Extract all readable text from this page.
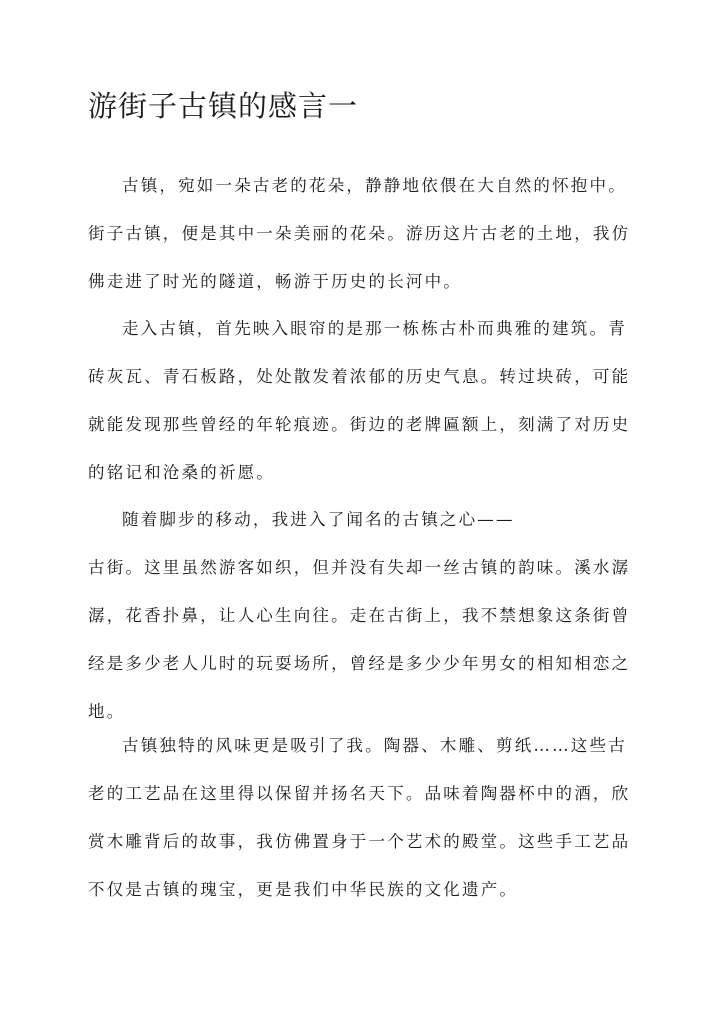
游街子古镇的感言一
古镇，宛如一朵古老的花朵，静静地依偎在大自然的怀抱中。
街子古镇，便是其中一朵美丽的花朵。游历这片古老的土地，我仿
佛走进了时光的隧道，畅游于历史的长河中。
走入古镇，首先映入眼帘的是那一栋栋古朴而典雅的建筑。青
砖灰瓦、青石板路，处处散发着浓郁的历史气息。转过块砖，可能
就能发现那些曾经的年轮痕迹。街边的老牌匾额上，刻满了对历史
的铭记和沧桑的祈愿。
随着脚步的移动，我进入了闻名的古镇之心——
古街。这里虽然游客如织，但并没有失却一丝古镇的韵味。溪水潺
潺，花香扑鼻，让人心生向往。走在古街上，我不禁想象这条街曾
经是多少老人儿时的玩耍场所，曾经是多少少年男女的相知相恋之
地。
古镇独特的风味更是吸引了我。陶器、木雕、剪纸……这些古
老的工艺品在这里得以保留并扬名天下。品味着陶器杯中的酒，欣
赏木雕背后的故事，我仿佛置身于一个艺术的殿堂。这些手工艺品
不仅是古镇的瑰宝，更是我们中华民族的文化遗产。
